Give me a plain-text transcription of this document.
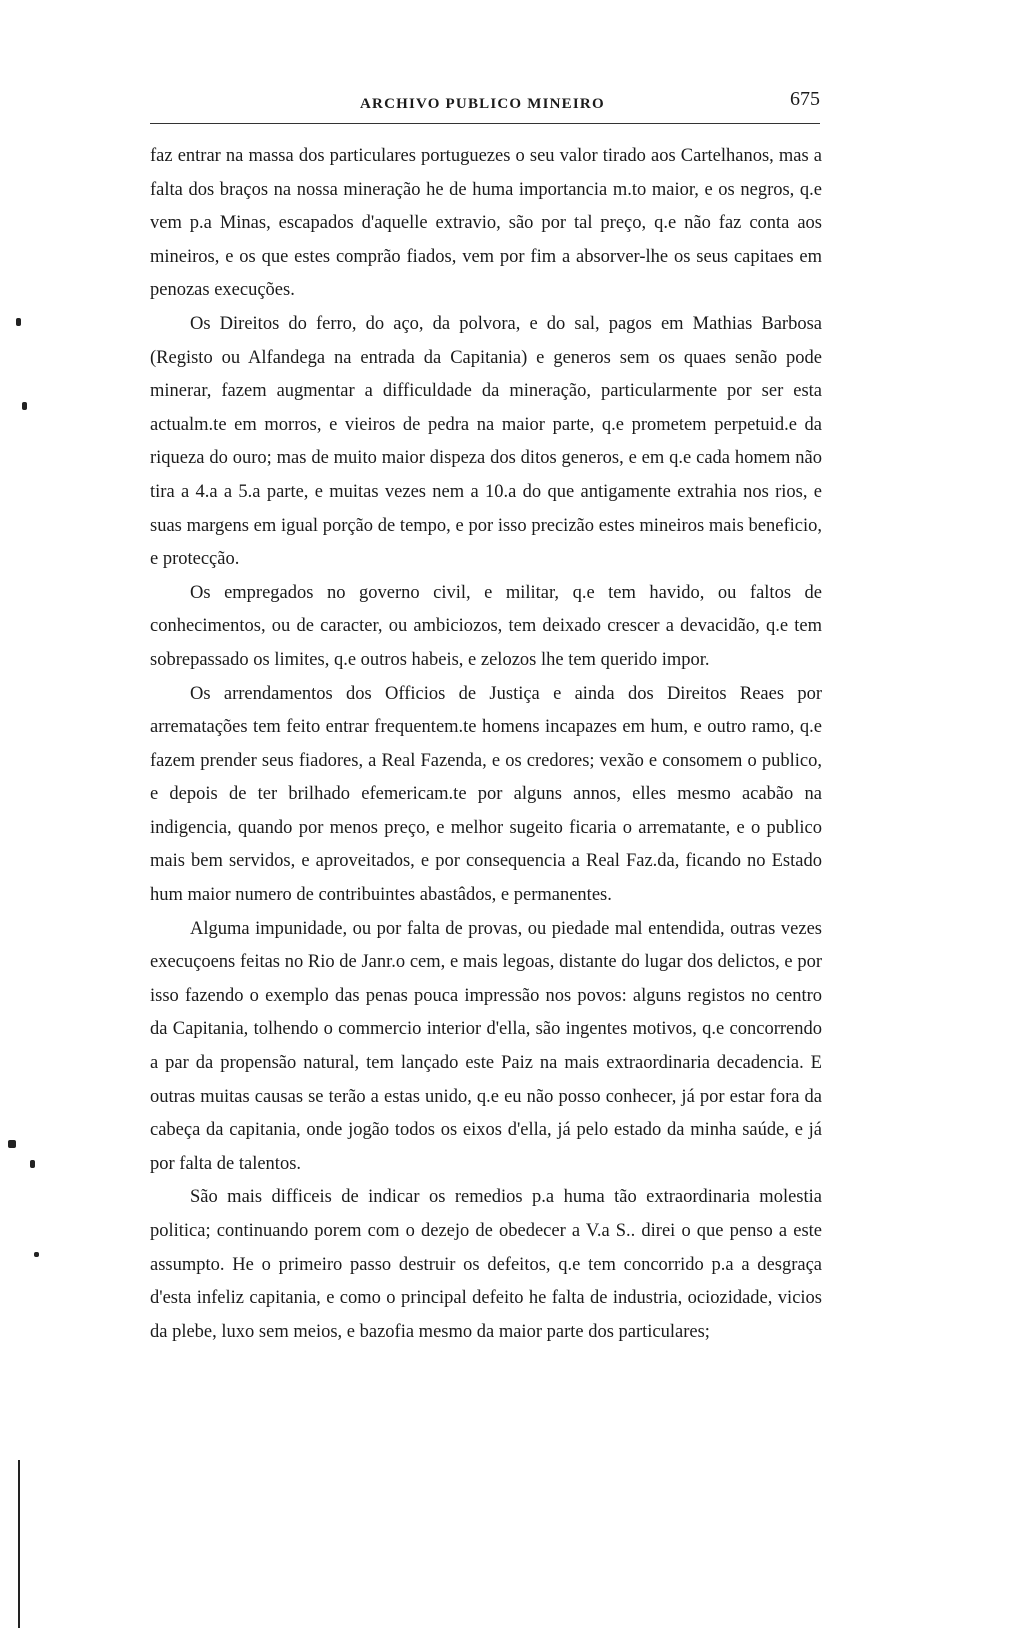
ARCHIVO PUBLICO MINEIRO	675

faz entrar na massa dos particulares portuguezes o seu valor tirado aos Cartelhanos, mas a falta dos braços na nossa mineração he de huma importancia m.to maior, e os negros, q.e vem p.a Minas, escapados d'aquelle extravio, são por tal preço, q.e não faz conta aos mineiros, e os que estes comprão fiados, vem por fim a absorver-lhe os seus capitaes em penozas execuções.

Os Direitos do ferro, do aço, da polvora, e do sal, pagos em Mathias Barbosa (Registo ou Alfandega na entrada da Capitania) e generos sem os quaes senão pode minerar, fazem augmentar a difficuldade da mineração, particularmente por ser esta actualm.te em morros, e vieiros de pedra na maior parte, q.e prometem perpetuid.e da riqueza do ouro; mas de muito maior dispeza dos ditos generos, e em q.e cada homem não tira a 4.a a 5.a parte, e muitas vezes nem a 10.a do que antigamente extrahia nos rios, e suas margens em igual porção de tempo, e por isso precizão estes mineiros mais beneficio, e protecção.

Os empregados no governo civil, e militar, q.e tem havido, ou faltos de conhecimentos, ou de caracter, ou ambiciozos, tem deixado crescer a devacidão, q.e tem sobrepassado os limites, q.e outros habeis, e zelozos lhe tem querido impor.

Os arrendamentos dos Officios de Justiça e ainda dos Direitos Reaes por arrematações tem feito entrar frequentem.te homens incapazes em hum, e outro ramo, q.e fazem prender seus fiadores, a Real Fazenda, e os credores; vexão e consomem o publico, e depois de ter brilhado efemericam.te por alguns annos, elles mesmo acabão na indigencia, quando por menos preço, e melhor sugeito ficaria o arrematante, e o publico mais bem servidos, e aproveitados, e por consequencia a Real Faz.da, ficando no Estado hum maior numero de contribuintes abastâdos, e permanentes.

Alguma impunidade, ou por falta de provas, ou piedade mal entendida, outras vezes execuçoens feitas no Rio de Janr.o cem, e mais legoas, distante do lugar dos delictos, e por isso fazendo o exemplo das penas pouca impressão nos povos: alguns registos no centro da Capitania, tolhendo o commercio interior d'ella, são ingentes motivos, q.e concorrendo a par da propensão natural, tem lançado este Paiz na mais extraordinaria decadencia. E outras muitas causas se terão a estas unido, q.e eu não posso conhecer, já por estar fora da cabeça da capitania, onde jogão todos os eixos d'ella, já pelo estado da minha saúde, e já por falta de talentos.

São mais difficeis de indicar os remedios p.a huma tão extraordinaria molestia politica; continuando porem com o dezejo de obedecer a V.a S.. direi o que penso a este assumpto. He o primeiro passo destruir os defeitos, q.e tem concorrido p.a a desgraça d'esta infeliz capitania, e como o principal defeito he falta de industria, ociozidade, vicios da plebe, luxo sem meios, e bazofia mesmo da maior parte dos particulares;
